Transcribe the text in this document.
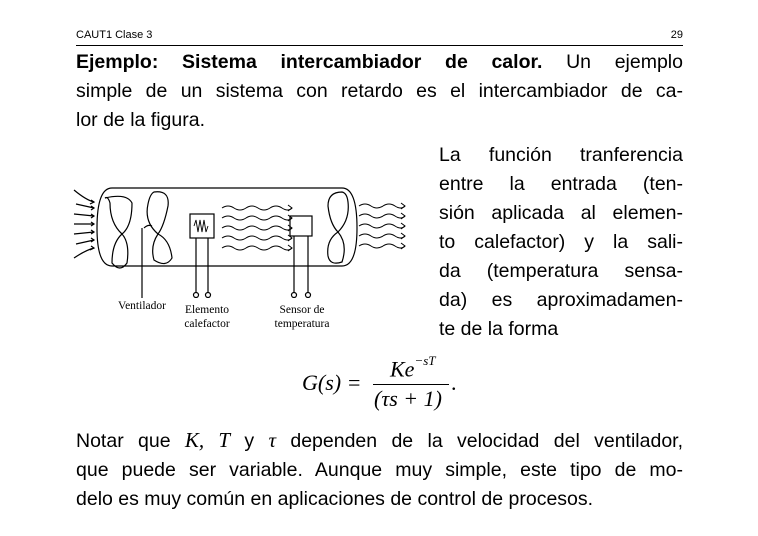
CAUT1 Clase 3	29
Ejemplo: Sistema intercambiador de calor. Un ejemplo
simple de un sistema con retardo es el intercambiador de ca-
lor de la figura.
La función tranferencia
entre la entrada (ten-
sión aplicada al elemen-
to calefactor) y la sali-
da (temperatura sensa-
da) es aproximadamen-
te de la forma
Ventilador	Elemento
calefactor
Sensor de
temperatura
G(s) =
$Ke^{-sT}$
(τs + 1)
.
Notar que K, T y τ dependen de la velocidad del ventilador,
que puede ser variable. Aunque muy simple, este tipo de mo-
delo es muy común en aplicaciones de control de procesos.
